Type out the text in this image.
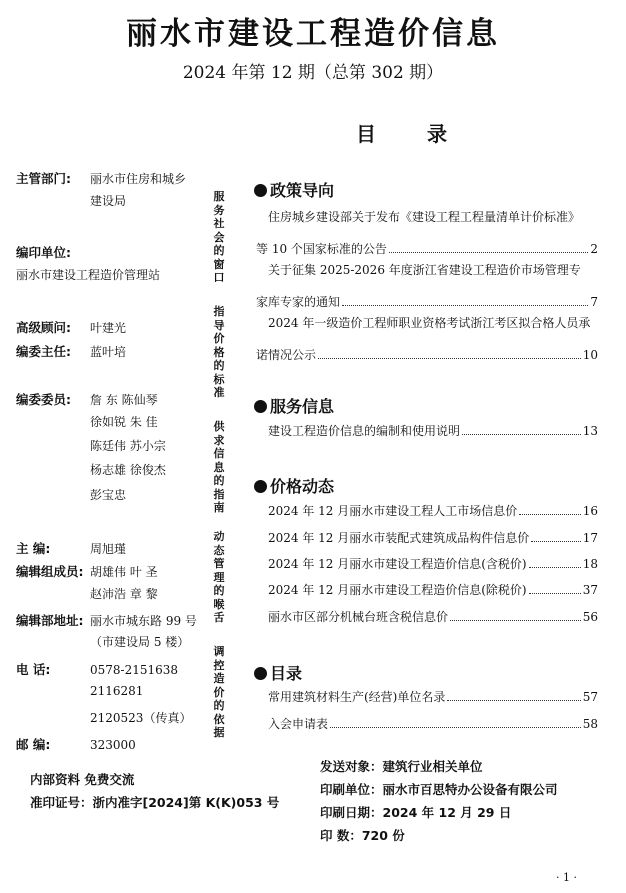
丽水市建设工程造价信息
2024 年第 12 期（总第 302 期）
目 录
主管部门: 丽水市住房和城乡
建设局
编印单位:
丽水市建设工程造价管理站
高级顾问: 叶建光
编委主任: 蓝叶培
编委委员: 詹 东 陈仙琴
徐如锐 朱 佳
陈廷伟 苏小宗
杨志雄 徐俊杰
彭宝忠
主 编:	周旭瑾
编辑组成员: 胡雄伟 叶 圣
赵沛浩 章 黎
编辑部地址: 丽水市城东路 99 号
（市建设局 5 楼）
电 话:	0578-2151638
2116281
2120523（传真）
邮 编:	323000
服务社会的窗口
指导价格的标准
供求信息的指南
动态管理的喉舌
调控造价的依据
政策导向
住房城乡建设部关于发布《建设工程工程量清单计价标准》
等 10 个国家标准的公告	2
关于征集 2025-2026 年度浙江省建设工程造价市场管理专
家库专家的通知	7
2024 年一级造价工程师职业资格考试浙江考区拟合格人员承
诺情况公示	10
服务信息
建设工程造价信息的编制和使用说明	13
价格动态
2024 年 12 月丽水市建设工程人工市场信息价	16
2024 年 12 月丽水市装配式建筑成品构件信息价	17
2024 年 12 月丽水市建设工程造价信息(含税价)	18
2024 年 12 月丽水市建设工程造价信息(除税价)	37
丽水市区部分机械台班含税信息价	56
目录
常用建筑材料生产(经营)单位名录	57
入会申请表	58
内部资料 免费交流
准印证号：浙内准字[2024]第 K(K)053 号
发送对象：建筑行业相关单位
印刷单位：丽水市百思特办公设备有限公司
印刷日期：2024 年 12 月 29 日
印 数：720 份
· 1 ·
